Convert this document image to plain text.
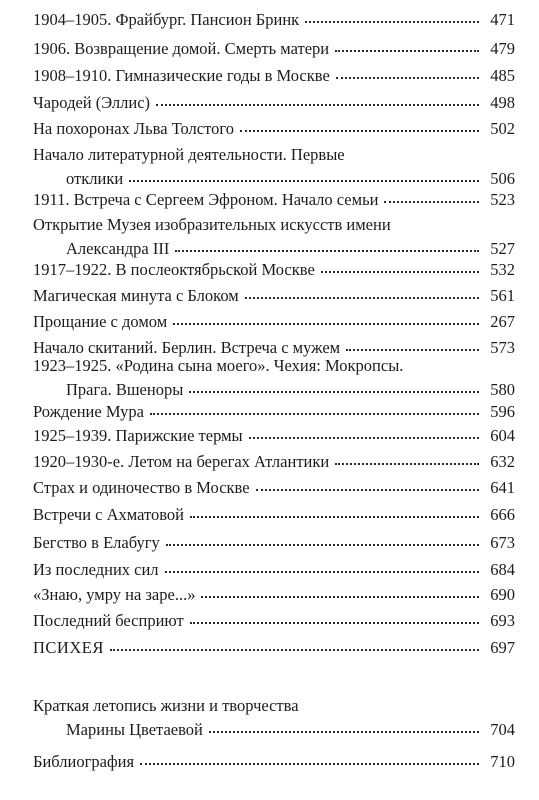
1904–1905. Фрайбург. Пансион Бринк	471
1906. Возвращение домой. Смерть матери	479
1908–1910. Гимназические годы в Москве	485
Чародей (Эллис)	498
На похоронах Льва Толстого	502
Начало литературной деятельности. Первые
отклики	506
1911. Встреча с Сергеем Эфроном. Начало семьи	523
Открытие Музея изобразительных искусств имени
Александра III	527
1917–1922. В послеоктябрьской Москве	532
Магическая минута с Блоком	561
Прощание с домом	267
Начало скитаний. Берлин. Встреча с мужем	573
1923–1925. «Родина сына моего». Чехия: Мокропсы.
Прага. Вшеноры	580
Рождение Мура	596
1925–1939. Парижские термы	604
1920–1930-е. Летом на берегах Атлантики	632
Страх и одиночество в Москве	641
Встречи с Ахматовой	666
Бегство в Елабугу	673
Из последних сил	684
«Знаю, умру на заре...»	690
Последний бесприют	693
ПСИХЕЯ	697
Краткая летопись жизни и творчества
Марины Цветаевой	704
Библиография	710
